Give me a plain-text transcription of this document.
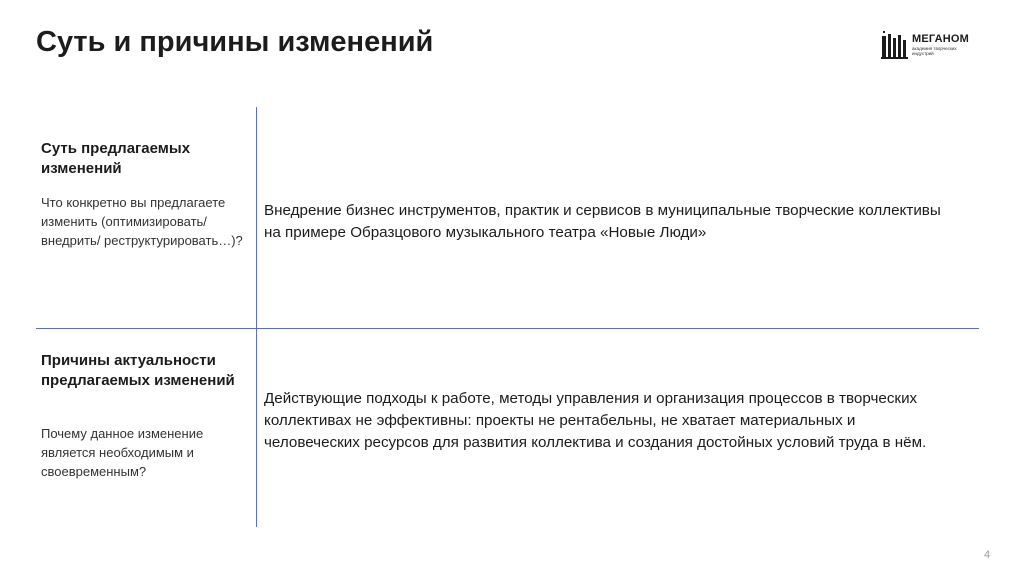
Суть и причины изменений	МЕГАНОМ
академия творческих индустрий

Суть предлагаемых изменений

Что конкретно вы предлагаете изменить (оптимизировать/ внедрить/ реструктурировать…)?

Внедрение бизнес инструментов, практик и сервисов в муниципальные творческие коллективы на примере Образцового музыкального театра «Новые Люди»

Причины актуальности предлагаемых изменений

Почему данное изменение является необходимым и своевременным?

Действующие подходы к работе, методы управления и организация процессов в творческих коллективах не эффективны: проекты не рентабельны, не хватает материальных и человеческих ресурсов для развития коллектива и создания достойных условий труда в нём.

4
